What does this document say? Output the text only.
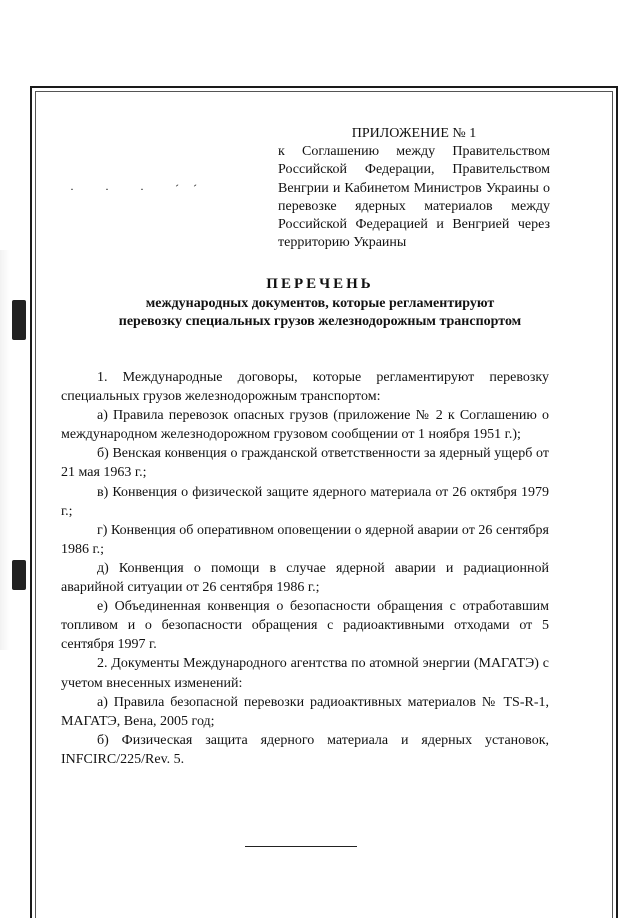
· · · ˊˊ
ПРИЛОЖЕНИЕ № 1

к Соглашению между Правительством Российской Федерации, Правительством Венгрии и Кабинетом Министров Украины о перевозке ядерных материалов между Российской Федерацией и Венгрией через территорию Украины

ПЕРЕЧЕНЬ
международных документов, которые регламентируют
перевозку специальных грузов железнодорожным транспортом

1. Международные договоры, которые регламентируют перевозку специальных грузов железнодорожным транспортом:

а) Правила перевозок опасных грузов (приложение № 2 к Соглашению о международном железнодорожном грузовом сообщении от 1 ноября 1951 г.);

б) Венская конвенция о гражданской ответственности за ядерный ущерб от 21 мая 1963 г.;

в) Конвенция о физической защите ядерного материала от 26 октября 1979 г.;

г) Конвенция об оперативном оповещении о ядерной аварии от 26 сентября 1986 г.;

д) Конвенция о помощи в случае ядерной аварии и радиационной аварийной ситуации от 26 сентября 1986 г.;

е) Объединенная конвенция о безопасности обращения с отработавшим топливом и о безопасности обращения с радиоактивными отходами от 5 сентября 1997 г.

2. Документы Международного агентства по атомной энергии (МАГАТЭ) с учетом внесенных изменений:

а) Правила безопасной перевозки радиоактивных материалов № TS-R-1, МАГАТЭ, Вена, 2005 год;

б) Физическая защита ядерного материала и ядерных установок, INFCIRC/225/Rev. 5.
